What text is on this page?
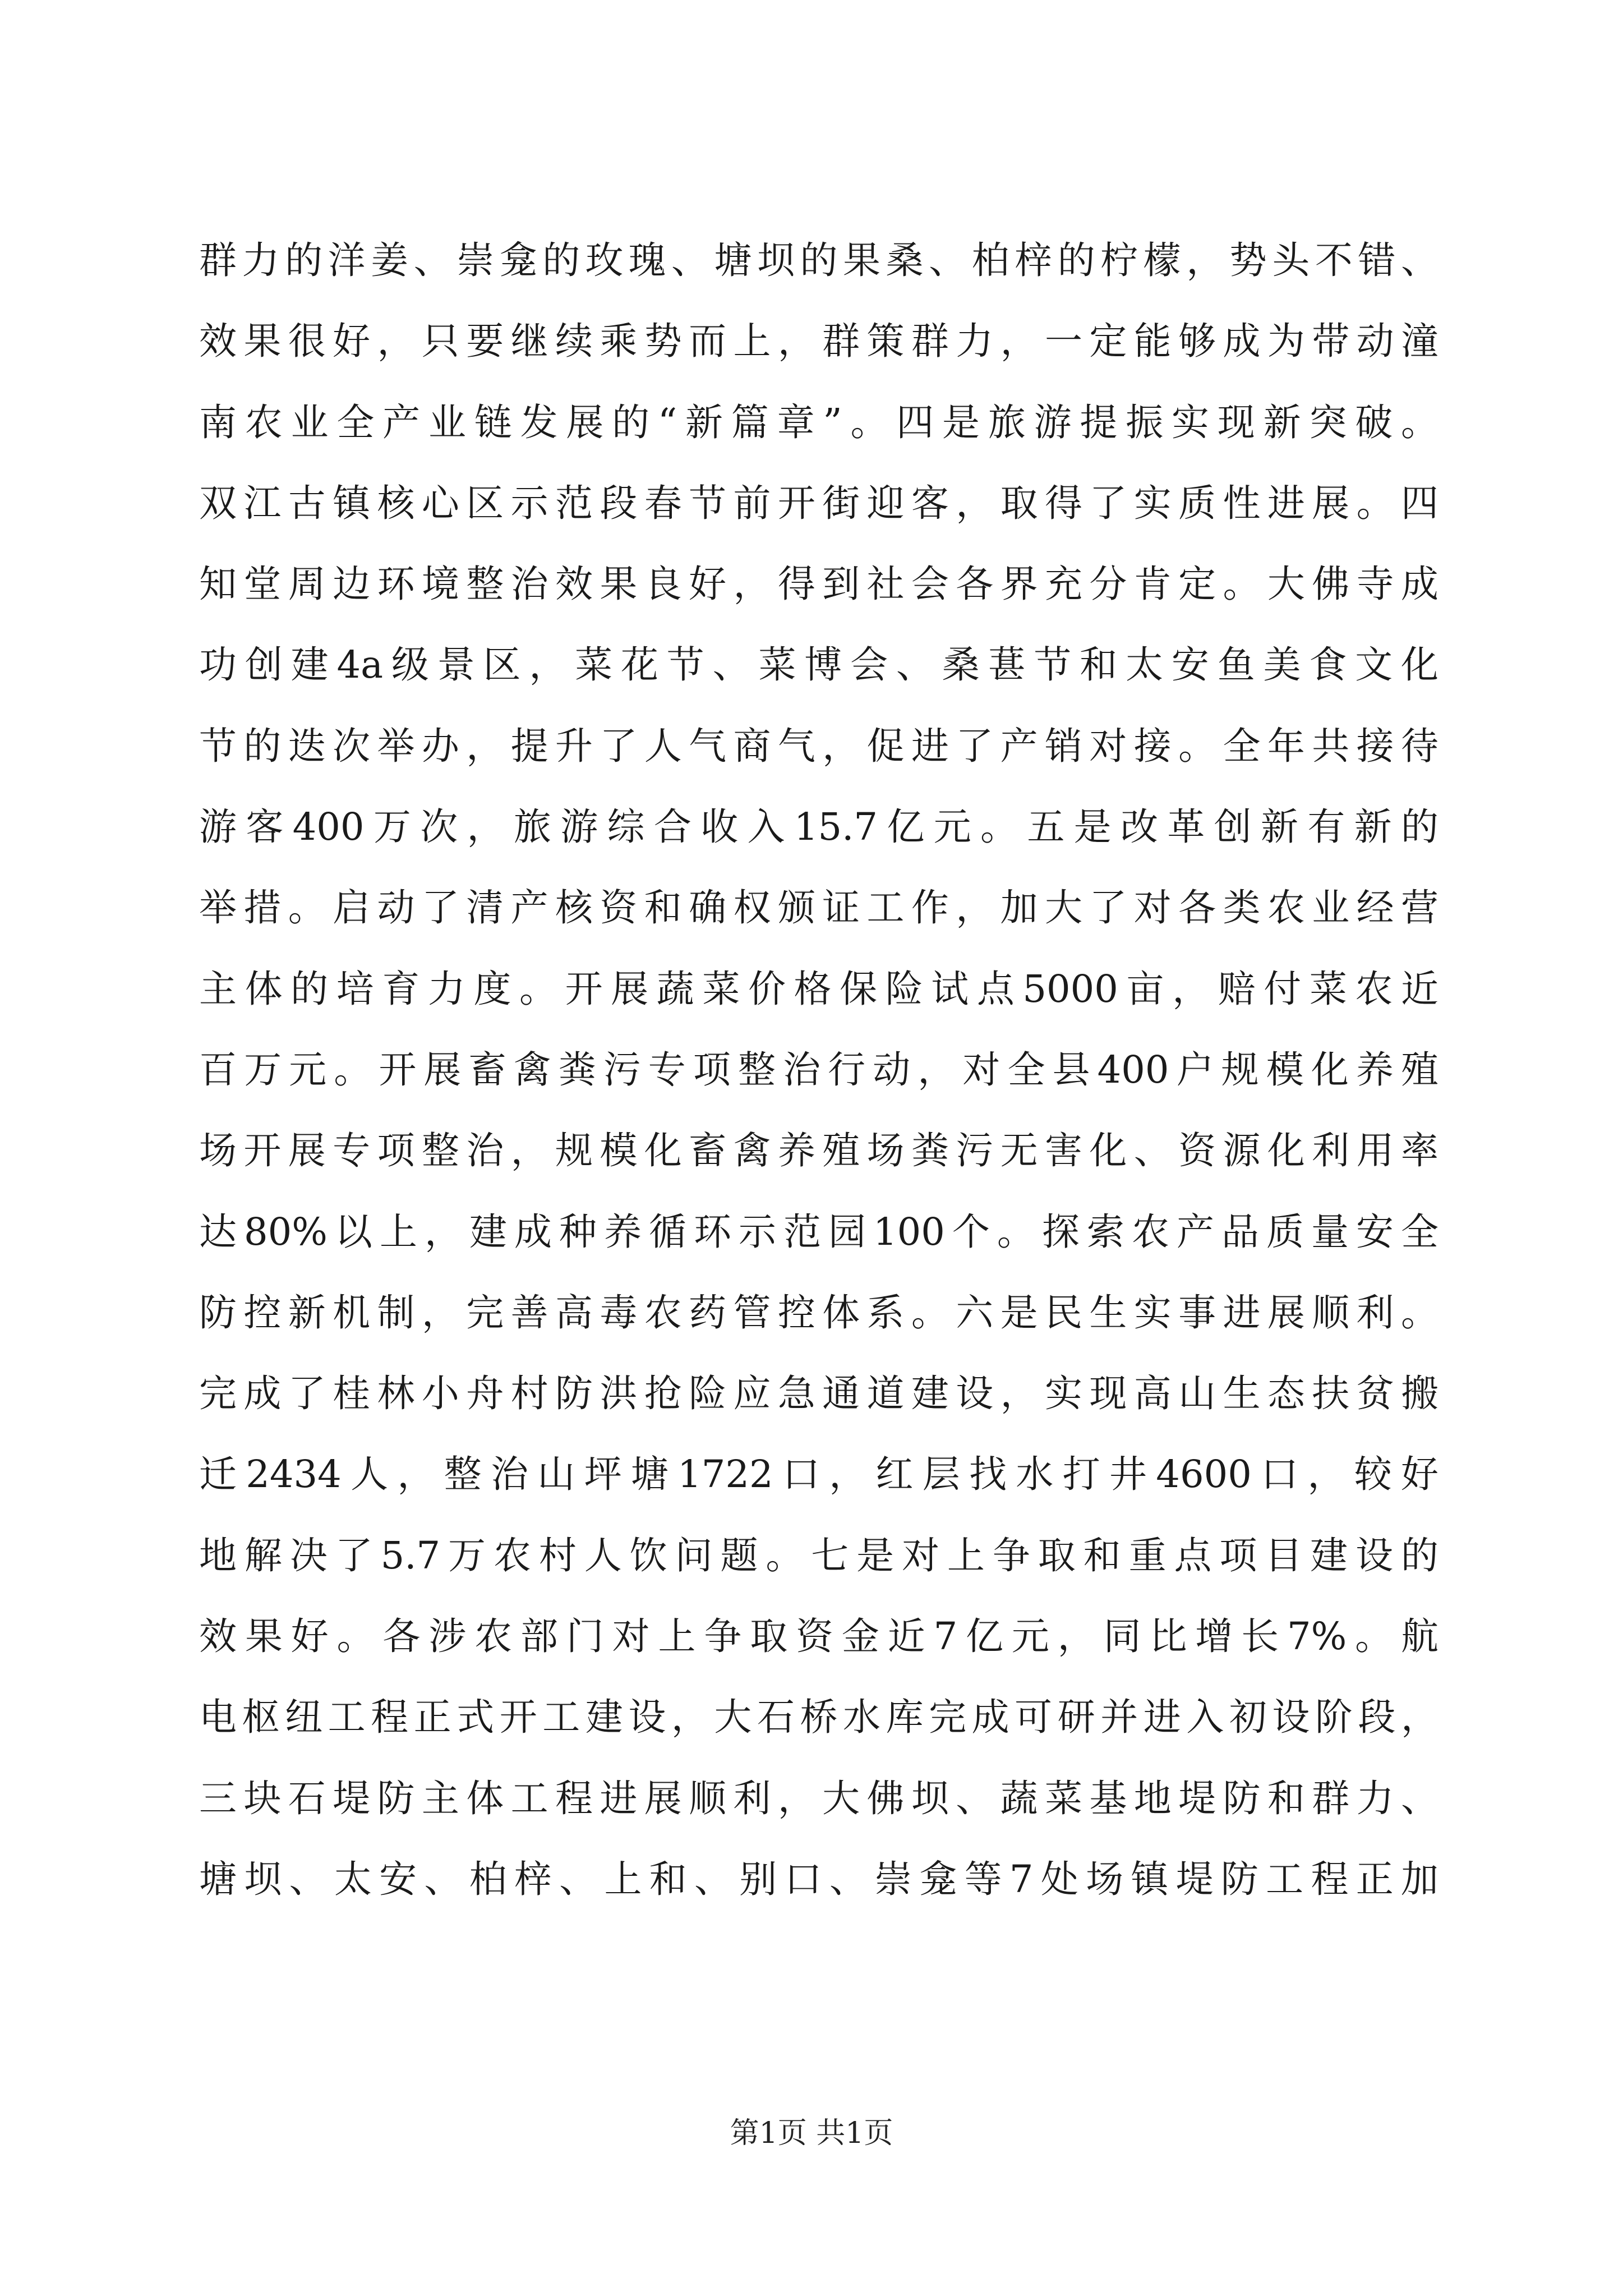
群力的洋姜、崇龛的玫瑰、塘坝的果桑、柏梓的柠檬，势头不错、
效果很好，只要继续乘势而上，群策群力，一定能够成为带动潼
南农业全产业链发展的“新篇章”。四是旅游提振实现新突破。
双江古镇核心区示范段春节前开街迎客，取得了实质性进展。四
知堂周边环境整治效果良好，得到社会各界充分肯定。大佛寺成
功创建4a级景区，菜花节、菜博会、桑葚节和太安鱼美食文化
节的迭次举办，提升了人气商气，促进了产销对接。全年共接待
游客400万次，旅游综合收入15.7亿元。五是改革创新有新的
举措。启动了清产核资和确权颁证工作，加大了对各类农业经营
主体的培育力度。开展蔬菜价格保险试点5000亩，赔付菜农近
百万元。开展畜禽粪污专项整治行动，对全县400户规模化养殖
场开展专项整治，规模化畜禽养殖场粪污无害化、资源化利用率
达80%以上，建成种养循环示范园100个。探索农产品质量安全
防控新机制，完善高毒农药管控体系。六是民生实事进展顺利。
完成了桂林小舟村防洪抢险应急通道建设，实现高山生态扶贫搬
迁2434人，整治山坪塘1722口，红层找水打井4600口，较好
地解决了5.7万农村人饮问题。七是对上争取和重点项目建设的
效果好。各涉农部门对上争取资金近7亿元，同比增长7%。航
电枢纽工程正式开工建设，大石桥水库完成可研并进入初设阶段，
三块石堤防主体工程进展顺利，大佛坝、蔬菜基地堤防和群力、
塘坝、太安、柏梓、上和、别口、崇龛等7处场镇堤防工程正加
第1页 共1页
